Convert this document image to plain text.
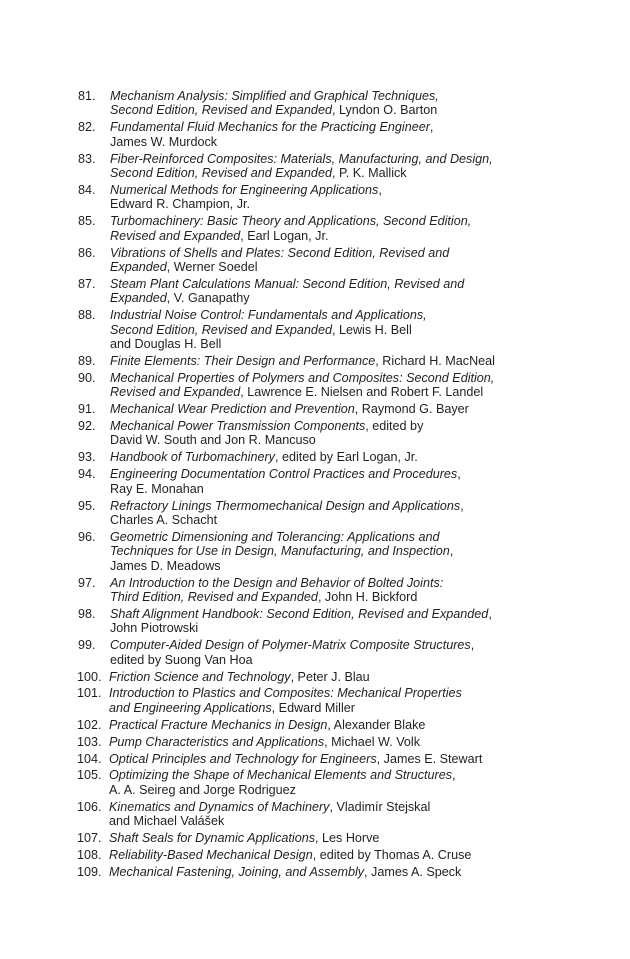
81.	Mechanism Analysis: Simplified and Graphical Techniques,
Second Edition, Revised and Expanded, Lyndon O. Barton
82.	Fundamental Fluid Mechanics for the Practicing Engineer,
James W. Murdock
83.	Fiber-Reinforced Composites: Materials, Manufacturing, and Design,
Second Edition, Revised and Expanded, P. K. Mallick
84.	Numerical Methods for Engineering Applications,
Edward R. Champion, Jr.
85.	Turbomachinery: Basic Theory and Applications, Second Edition,
Revised and Expanded, Earl Logan, Jr.
86.	Vibrations of Shells and Plates: Second Edition, Revised and
Expanded, Werner Soedel
87.	Steam Plant Calculations Manual: Second Edition, Revised and
Expanded, V. Ganapathy
88.	Industrial Noise Control: Fundamentals and Applications,
Second Edition, Revised and Expanded, Lewis H. Bell
and Douglas H. Bell
89.	Finite Elements: Their Design and Performance, Richard H. MacNeal
90.	Mechanical Properties of Polymers and Composites: Second Edition,
Revised and Expanded, Lawrence E. Nielsen and Robert F. Landel
91.	Mechanical Wear Prediction and Prevention, Raymond G. Bayer
92.	Mechanical Power Transmission Components, edited by
David W. South and Jon R. Mancuso
93.	Handbook of Turbomachinery, edited by Earl Logan, Jr.
94.	Engineering Documentation Control Practices and Procedures,
Ray E. Monahan
95.	Refractory Linings Thermomechanical Design and Applications,
Charles A. Schacht
96.	Geometric Dimensioning and Tolerancing: Applications and
Techniques for Use in Design, Manufacturing, and Inspection,
James D. Meadows
97.	An Introduction to the Design and Behavior of Bolted Joints:
Third Edition, Revised and Expanded, John H. Bickford
98.	Shaft Alignment Handbook: Second Edition, Revised and Expanded,
John Piotrowski
99.	Computer-Aided Design of Polymer-Matrix Composite Structures,
edited by Suong Van Hoa
100. Friction Science and Technology, Peter J. Blau
101. Introduction to Plastics and Composites: Mechanical Properties
and Engineering Applications, Edward Miller
102. Practical Fracture Mechanics in Design, Alexander Blake
103. Pump Characteristics and Applications, Michael W. Volk
104. Optical Principles and Technology for Engineers, James E. Stewart
105. Optimizing the Shape of Mechanical Elements and Structures,
A. A. Seireg and Jorge Rodriguez
106. Kinematics and Dynamics of Machinery, Vladimír Stejskal
and Michael Valášek
107. Shaft Seals for Dynamic Applications, Les Horve
108. Reliability-Based Mechanical Design, edited by Thomas A. Cruse
109. Mechanical Fastening, Joining, and Assembly, James A. Speck
